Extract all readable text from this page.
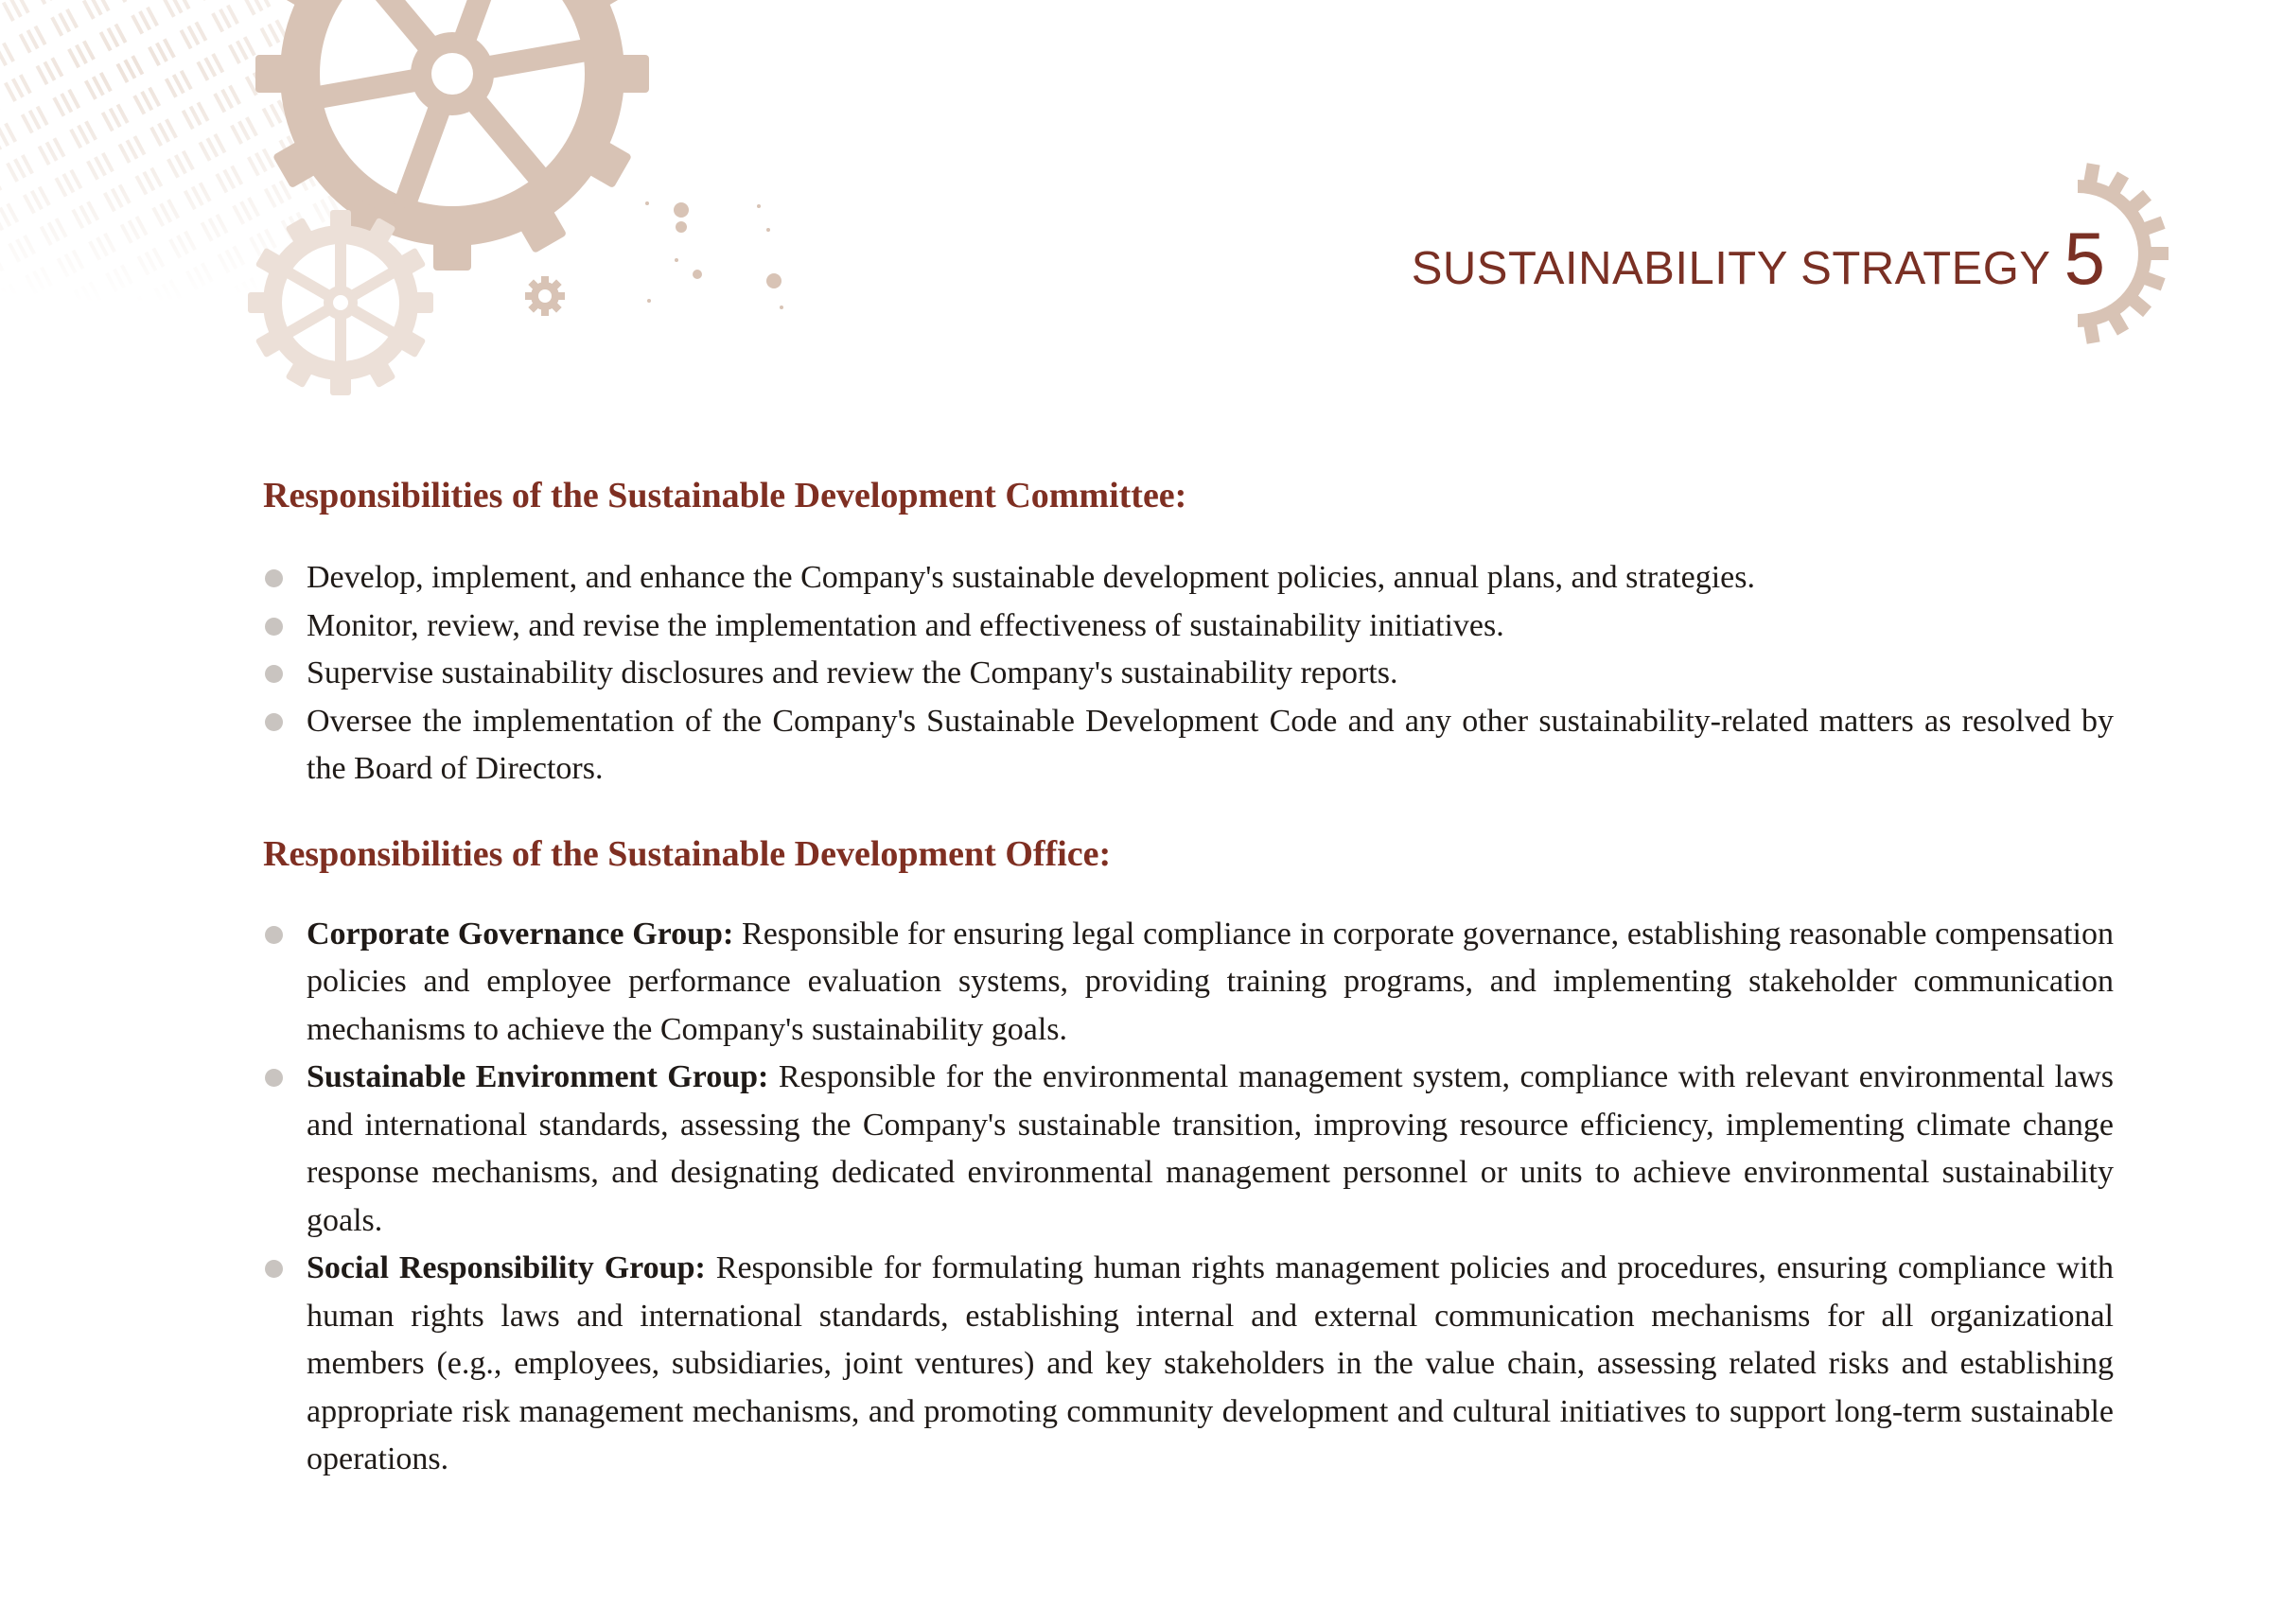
SUSTAINABILITY STRATEGY 5
Responsibilities of the Sustainable Development Committee:
Develop, implement, and enhance the Company's sustainable development policies, annual plans, and strategies.
Monitor, review, and revise the implementation and effectiveness of sustainability initiatives.
Supervise sustainability disclosures and review the Company's sustainability reports.
Oversee the implementation of the Company's Sustainable Development Code and any other sustainability-related matters as resolved by the Board of Directors.
Responsibilities of the Sustainable Development Office:
Corporate Governance Group: Responsible for ensuring legal compliance in corporate governance, establishing reasonable compensation policies and employee performance evaluation systems, providing training programs, and implementing stakeholder communication mechanisms to achieve the Company's sustainability goals.
Sustainable Environment Group: Responsible for the environmental management system, compliance with relevant environmental laws and international standards, assessing the Company's sustainable transition, improving resource efficiency, implementing climate change response mechanisms, and designating dedicated environmental management personnel or units to achieve environmental sustainability goals.
Social Responsibility Group: Responsible for formulating human rights management policies and procedures, ensuring compliance with human rights laws and international standards, establishing internal and external communication mechanisms for all organizational members (e.g., employees, subsidiaries, joint ventures) and key stakeholders in the value chain, assessing related risks and establishing appropriate risk management mechanisms, and promoting community development and cultural initiatives to support long-term sustainable operations.
